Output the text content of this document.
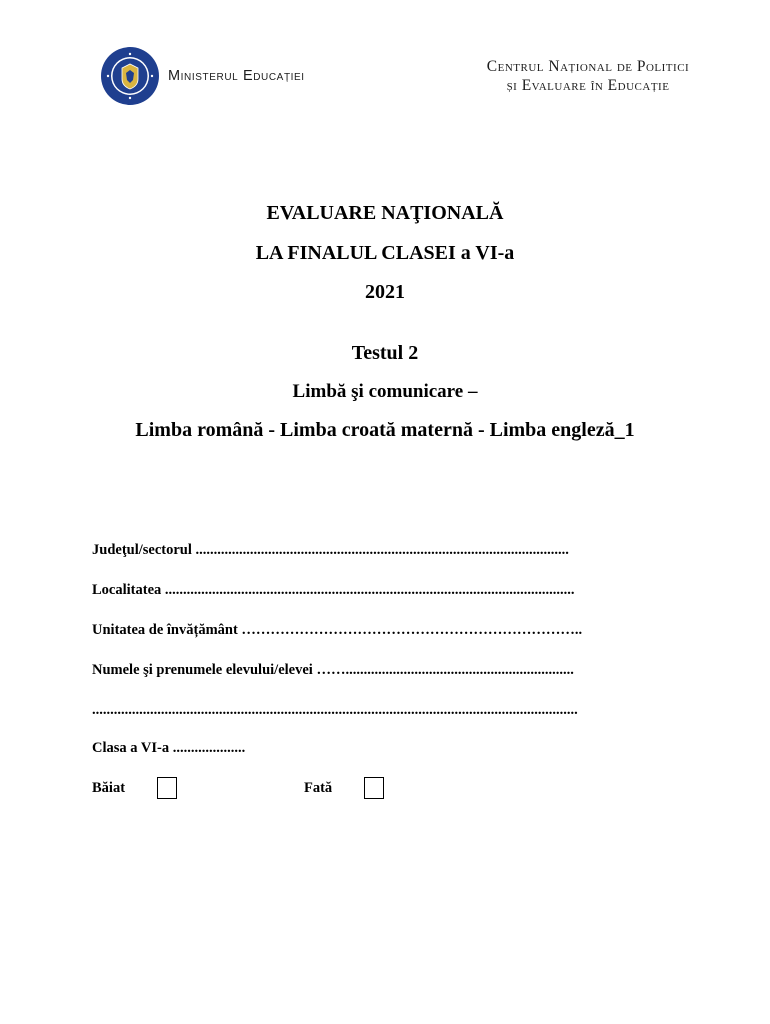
Ministerul Educației
Centrul Național de Politici
și Evaluare în Educație
EVALUARE NAŢIONALĂ
LA FINALUL CLASEI a VI-a
2021
Testul 2
Limbă şi comunicare –
Limba română - Limba croată maternă - Limba engleză_1
Judeţul/sectorul .......................................................................................................
Localitatea .................................................................................................................
Unitatea de învățământ ……………………………………………………………..
Numele şi prenumele elevului/elevei ……...............................................................
......................................................................................................................................
Clasa a VI-a ....................
Băiat	Fată
